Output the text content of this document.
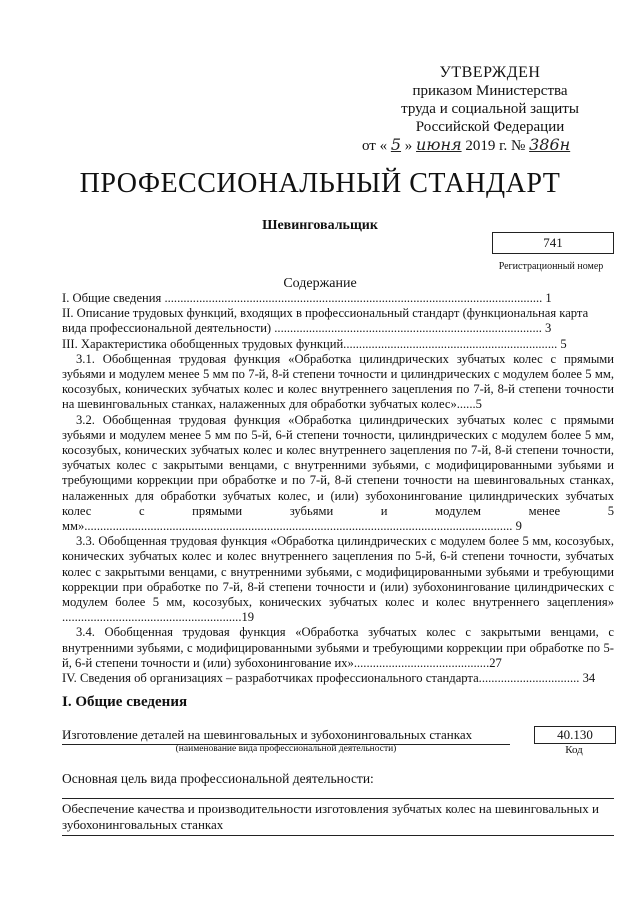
УТВЕРЖДЕН
приказом Министерства
труда и социальной защиты
Российской Федерации
от « 5 » июня 2019 г. № 386н
ПРОФЕССИОНАЛЬНЫЙ СТАНДАРТ
Шевинговальщик
741
Регистрационный номер
Содержание
I. Общие сведения ........................................................................................................................ 1
II. Описание трудовых функций, входящих в профессиональный стандарт (функциональная карта вида профессиональной деятельности) ..................................................................................... 3
III. Характеристика обобщенных трудовых функций.................................................................... 5
3.1. Обобщенная трудовая функция «Обработка цилиндрических зубчатых колес с прямыми зубьями и модулем менее 5 мм по 7-й, 8-й степени точности и цилиндрических с модулем более 5 мм, косозубых, конических зубчатых колес и колес внутреннего зацепления по 7-й, 8-й степени точности на шевинговальных станках, налаженных для обработки зубчатых колес»......5
3.2. Обобщенная трудовая функция «Обработка цилиндрических зубчатых колес с прямыми зубьями и модулем менее 5 мм по 5-й, 6-й степени точности, цилиндрических с модулем более 5 мм, косозубых, конических зубчатых колес и колес внутреннего зацепления по 7-й, 8-й степени точности, зубчатых колес с закрытыми венцами, с внутренними зубьями, с модифицированными зубьями и требующими коррекции при обработке и по 7-й, 8-й степени точности на шевинговальных станках, налаженных для обработки зубчатых колес, и (или) зубохонингование цилиндрических зубчатых колес с прямыми зубьями и модулем менее 5 мм»........................................................................................................................................ 9
3.3. Обобщенная трудовая функция «Обработка цилиндрических с модулем более 5 мм, косозубых, конических зубчатых колес и колес внутреннего зацепления по 5-й, 6-й степени точности, зубчатых колес с закрытыми венцами, с внутренними зубьями, с модифицированными зубьями и требующими коррекции при обработке по 7-й, 8-й степени точности и (или) зубохонингование цилиндрических с модулем более 5 мм, косозубых, конических зубчатых колес и колес внутреннего зацепления» .........................................................19
3.4. Обобщенная трудовая функция «Обработка зубчатых колес с закрытыми венцами, с внутренними зубьями, с модифицированными зубьями и требующими коррекции при обработке по 5-й, 6-й степени точности и (или) зубохонингование их»...........................................27
IV. Сведения об организациях – разработчиках профессионального стандарта................................ 34
I. Общие сведения
Изготовление деталей на шевинговальных и зубохонинговальных станках
(наименование вида профессиональной деятельности)
40.130
Код
Основная цель вида профессиональной деятельности:
Обеспечение качества и производительности изготовления зубчатых колес на шевинговальных и зубохонинговальных станках
